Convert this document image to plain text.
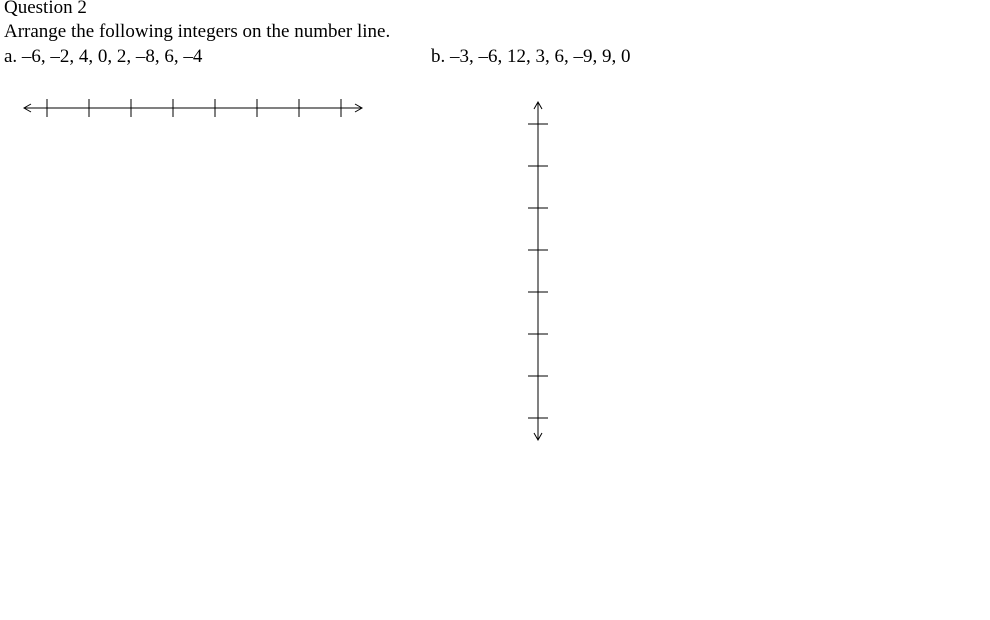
Question 2
Arrange the following integers on the number line.
a. –6, –2, 4, 0, 2, –8, 6, –4	b. –3, –6, 12, 3, 6, –9, 9, 0
